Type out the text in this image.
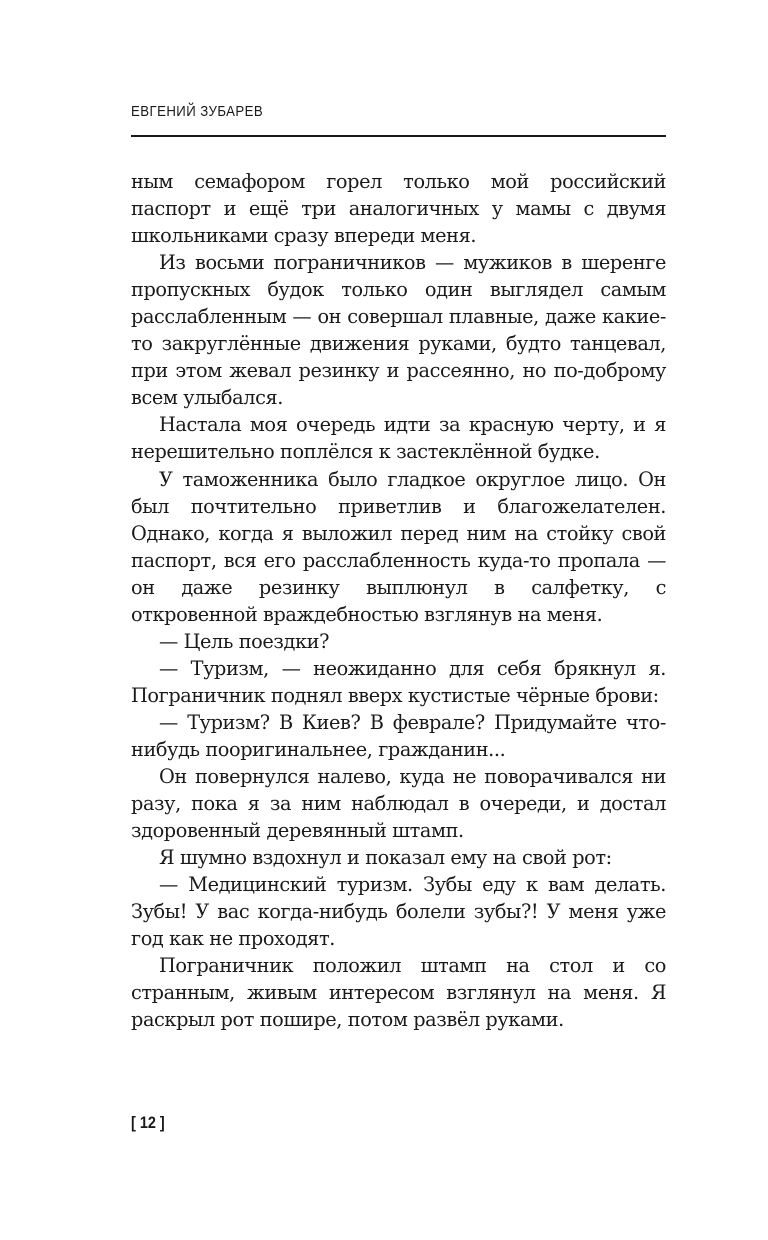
ЕВГЕНИЙ ЗУБАРЕВ

ным семафором горел только мой российский паспорт и ещё три аналогичных у мамы с двумя школьниками сразу впереди меня.

Из восьми пограничников — мужиков в шеренге пропускных будок только один выглядел самым расслабленным — он совершал плавные, даже какие-то закруглённые движения руками, будто танцевал, при этом жевал резинку и рассеянно, но по-доброму всем улыбался.

Настала моя очередь идти за красную черту, и я нерешительно поплёлся к застеклённой будке.

У таможенника было гладкое округлое лицо. Он был почтительно приветлив и благожелателен. Однако, когда я выложил перед ним на стойку свой паспорт, вся его расслабленность куда-то пропала — он даже резинку выплюнул в салфетку, с откровенной враждебностью взглянув на меня.

— Цель поездки?

— Туризм, — неожиданно для себя брякнул я. Пограничник поднял вверх кустистые чёрные брови:

— Туризм? В Киев? В феврале? Придумайте что-нибудь пооригинальнее, гражданин...

Он повернулся налево, куда не поворачивался ни разу, пока я за ним наблюдал в очереди, и достал здоровенный деревянный штамп.

Я шумно вздохнул и показал ему на свой рот:

— Медицинский туризм. Зубы еду к вам делать. Зубы! У вас когда-нибудь болели зубы?! У меня уже год как не проходят.

Пограничник положил штамп на стол и со странным, живым интересом взглянул на меня. Я раскрыл рот пошире, потом развёл руками.

[ 12 ]
